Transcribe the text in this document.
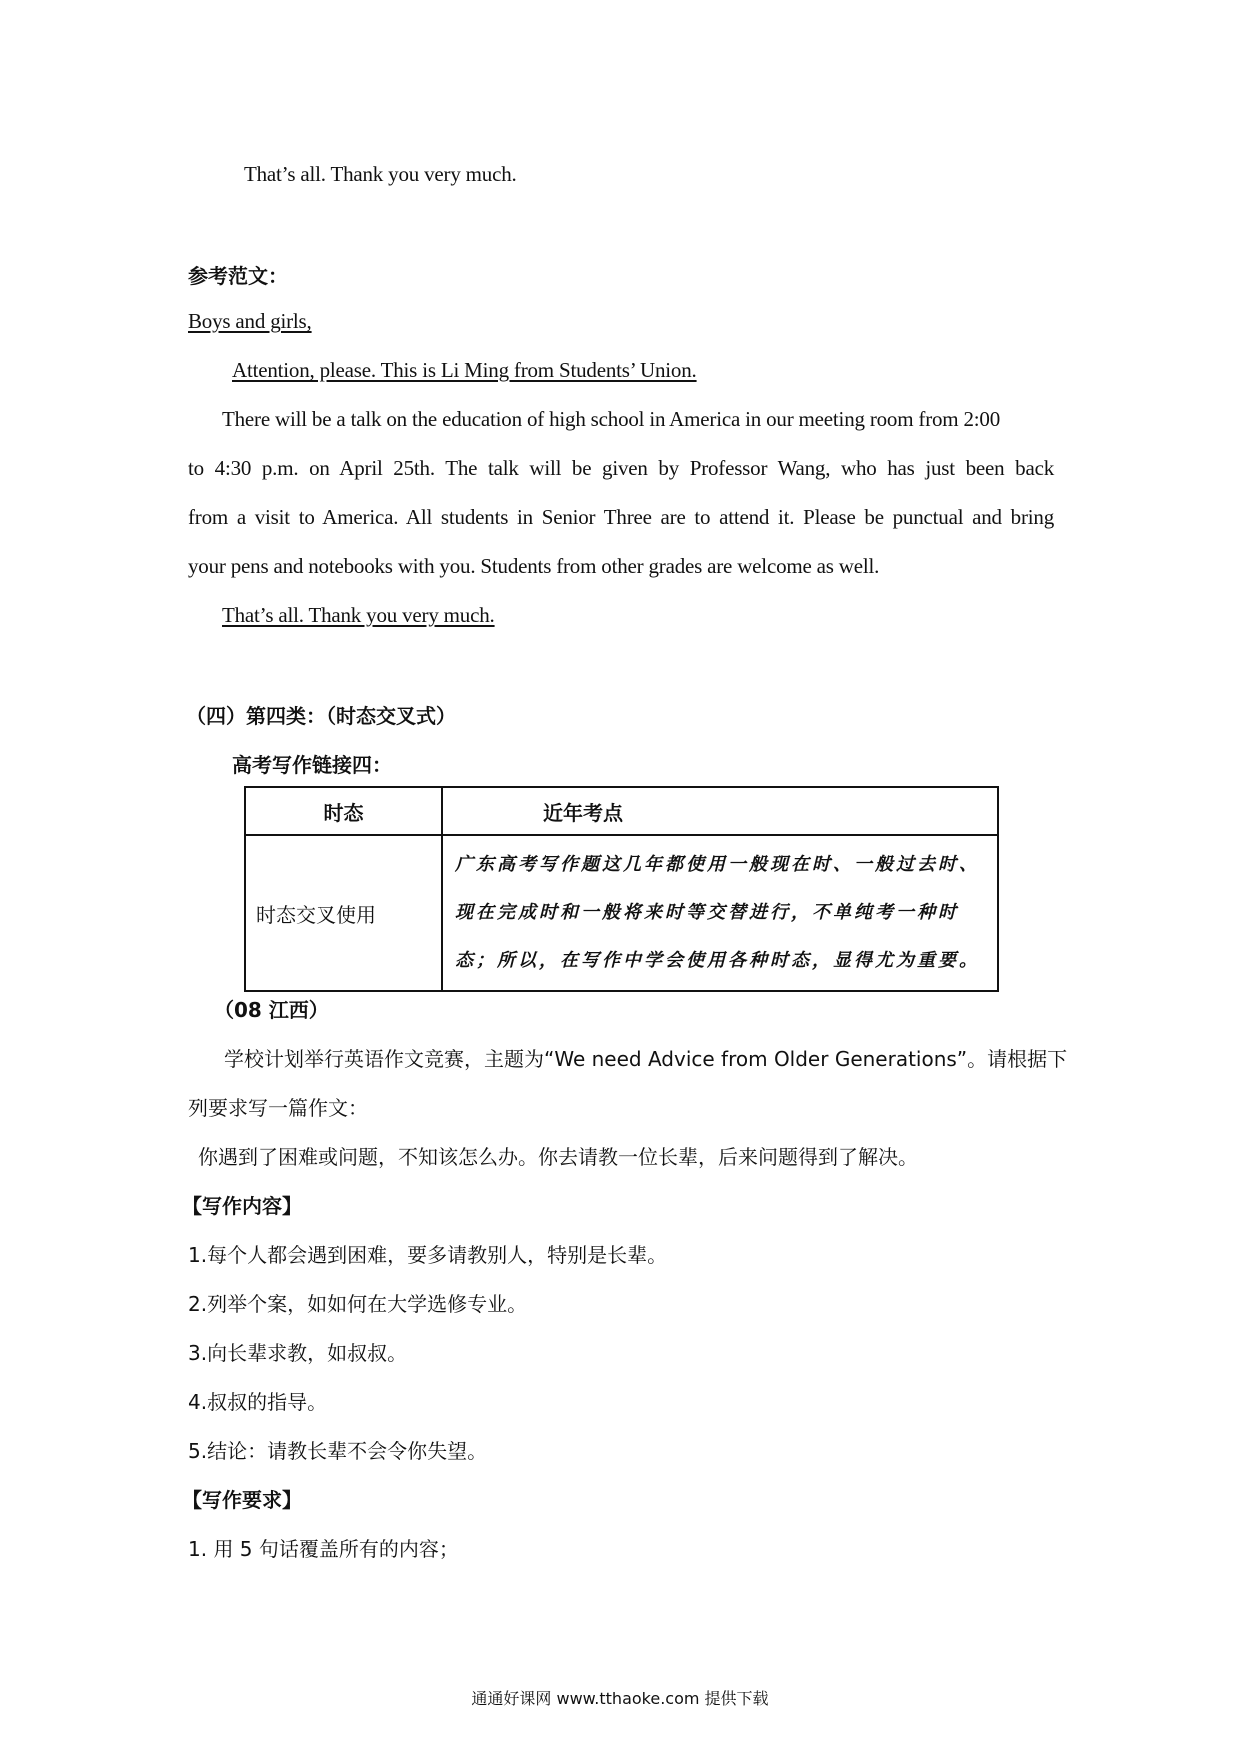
That’s all. Thank you very much.
参考范文：
Boys and girls,
Attention, please. This is Li Ming from Students’ Union.
There will be a talk on the education of high school in America in our meeting room from 2:00
to 4:30 p.m. on April 25th. The talk will be given by Professor Wang, who has just been back
from a visit to America. All students in Senior Three are to attend it. Please be punctual and bring
your pens and notebooks with you. Students from other grades are welcome as well.
That’s all. Thank you very much.
（四）第四类：（时态交叉式）
高考写作链接四：
时态	近年考点
时态交叉使用	广东高考写作题这几年都使用一般现在时、一般过去时、
现在完成时和一般将来时等交替进行，不单纯考一种时
态；所以，在写作中学会使用各种时态，显得尤为重要。
（08 江西）
学校计划举行英语作文竞赛，主题为“We need Advice from Older Generations”。请根据下
列要求写一篇作文：
你遇到了困难或问题，不知该怎么办。你去请教一位长辈，后来问题得到了解决。
【写作内容】
1.每个人都会遇到困难，要多请教别人，特别是长辈。
2.列举个案，如如何在大学选修专业。
3.向长辈求教，如叔叔。
4.叔叔的指导。
5.结论：请教长辈不会令你失望。
【写作要求】
1. 用 5 句话覆盖所有的内容；
通通好课网 www.tthaoke.com 提供下载
